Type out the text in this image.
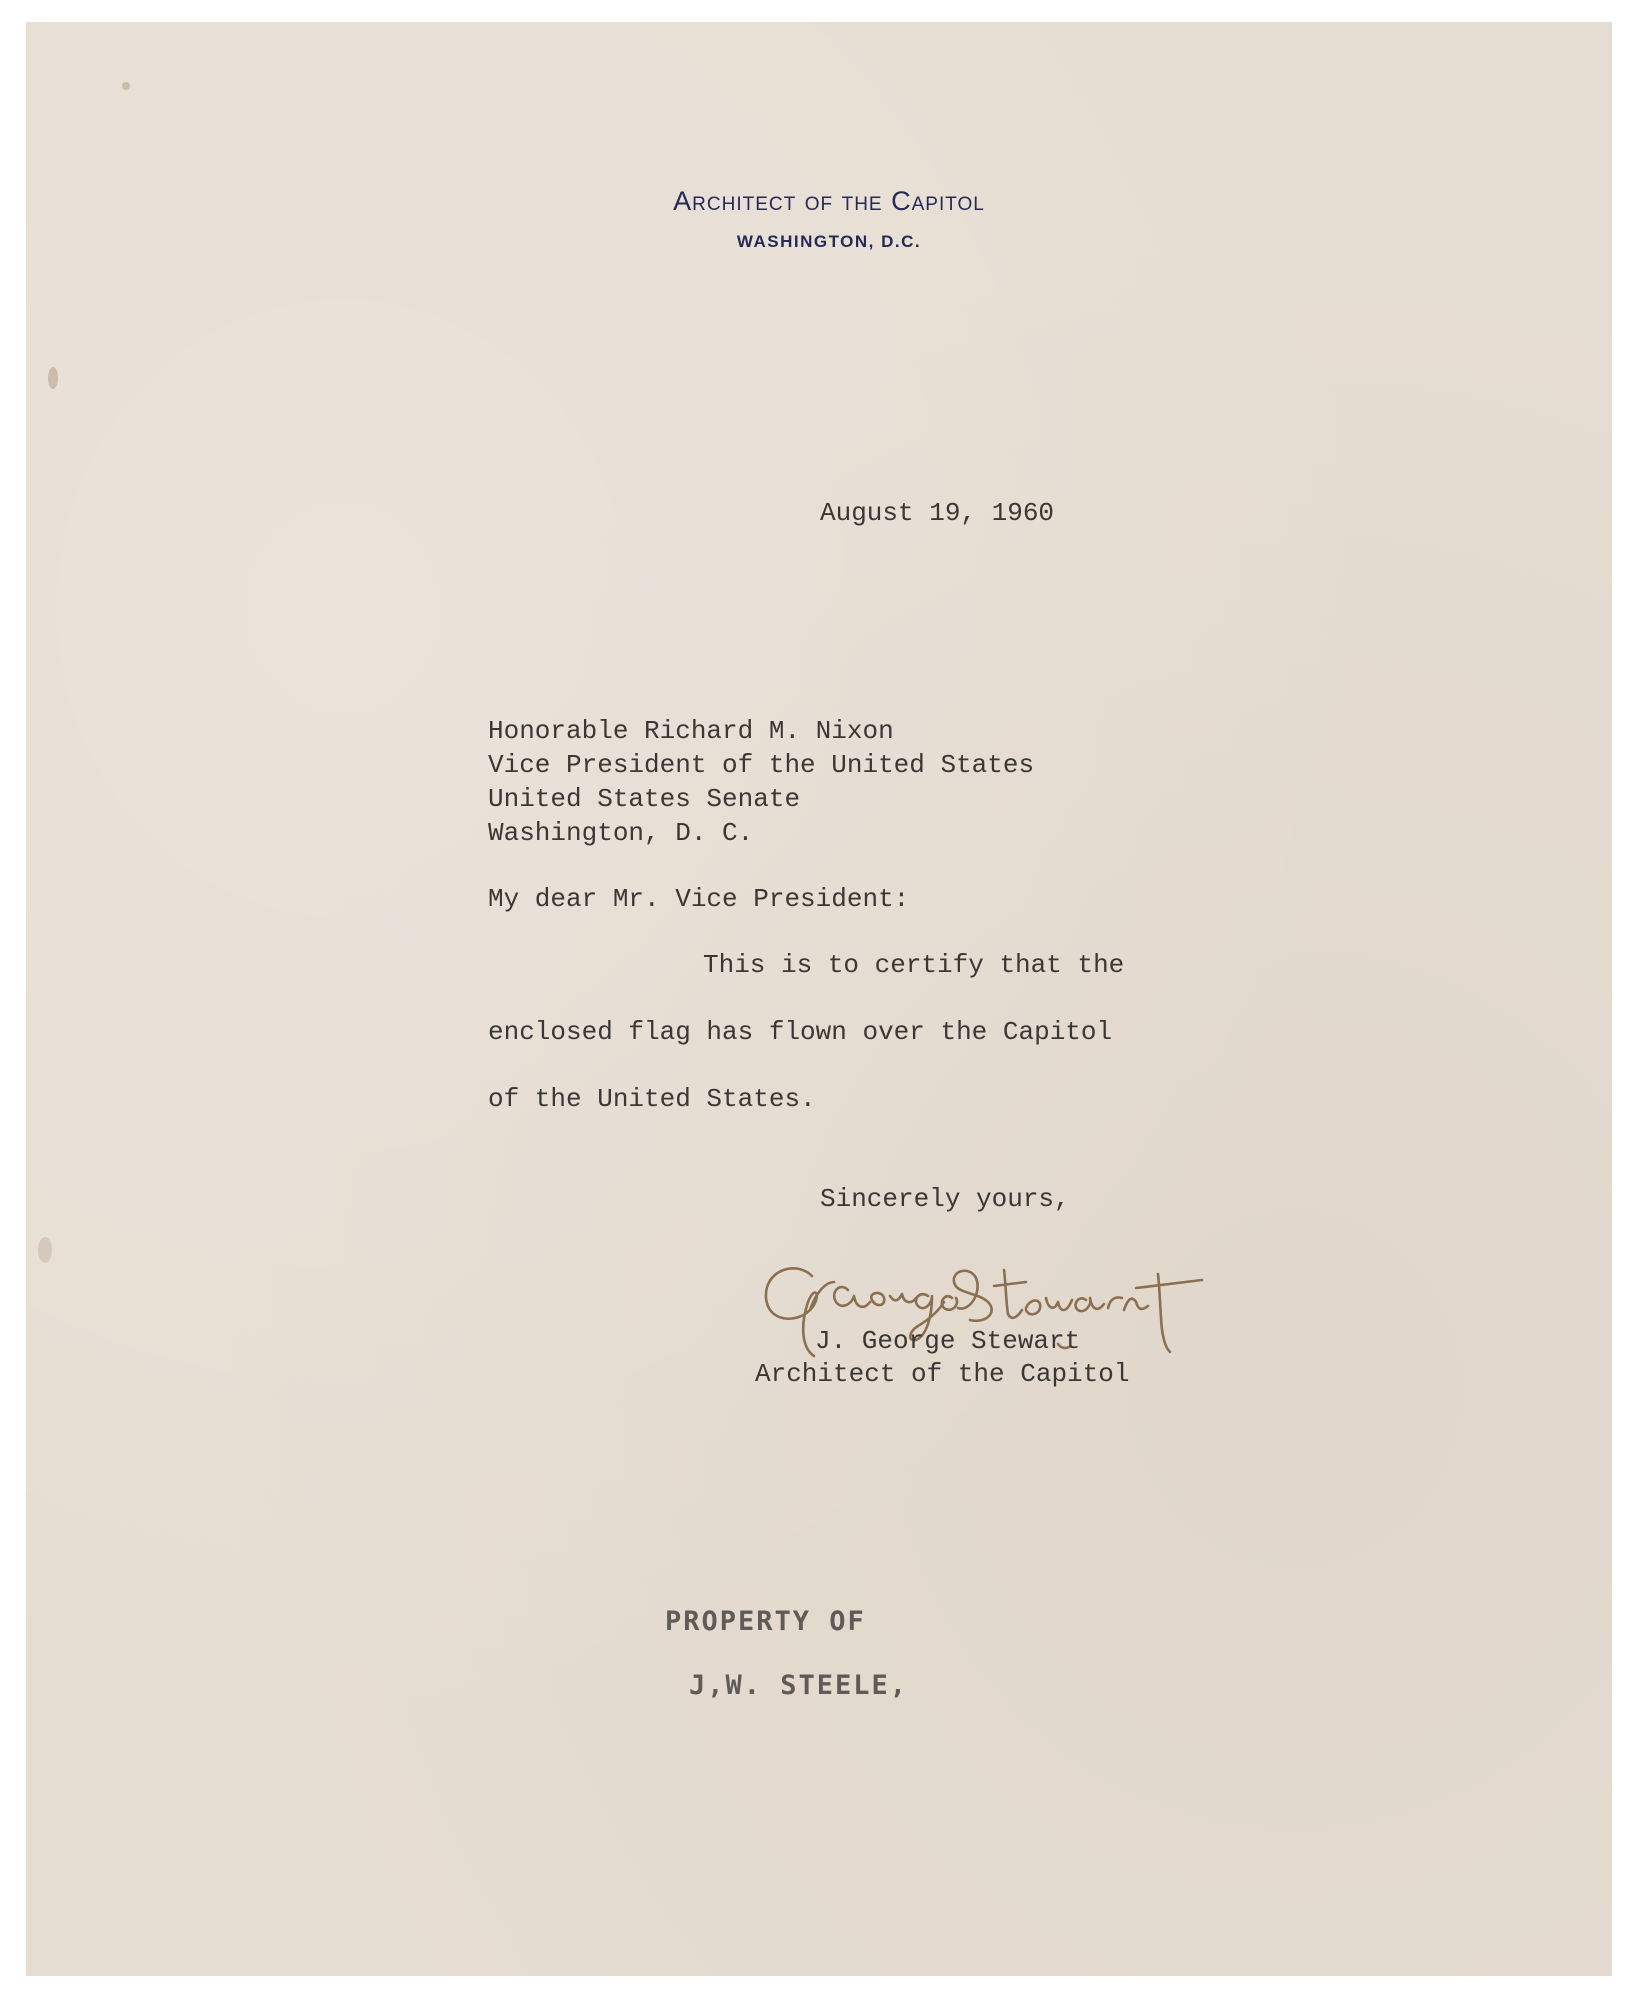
Architect of the Capitol
WASHINGTON, D.C.
August 19, 1960
Honorable Richard M. Nixon
Vice President of the United States
United States Senate
Washington, D. C.
My dear Mr. Vice President:
This is to certify that the
enclosed flag has flown over the Capitol
of the United States.
Sincerely yours,
J. George Stewart
Architect of the Capitol
PROPERTY OF
J,W. STEELE,
